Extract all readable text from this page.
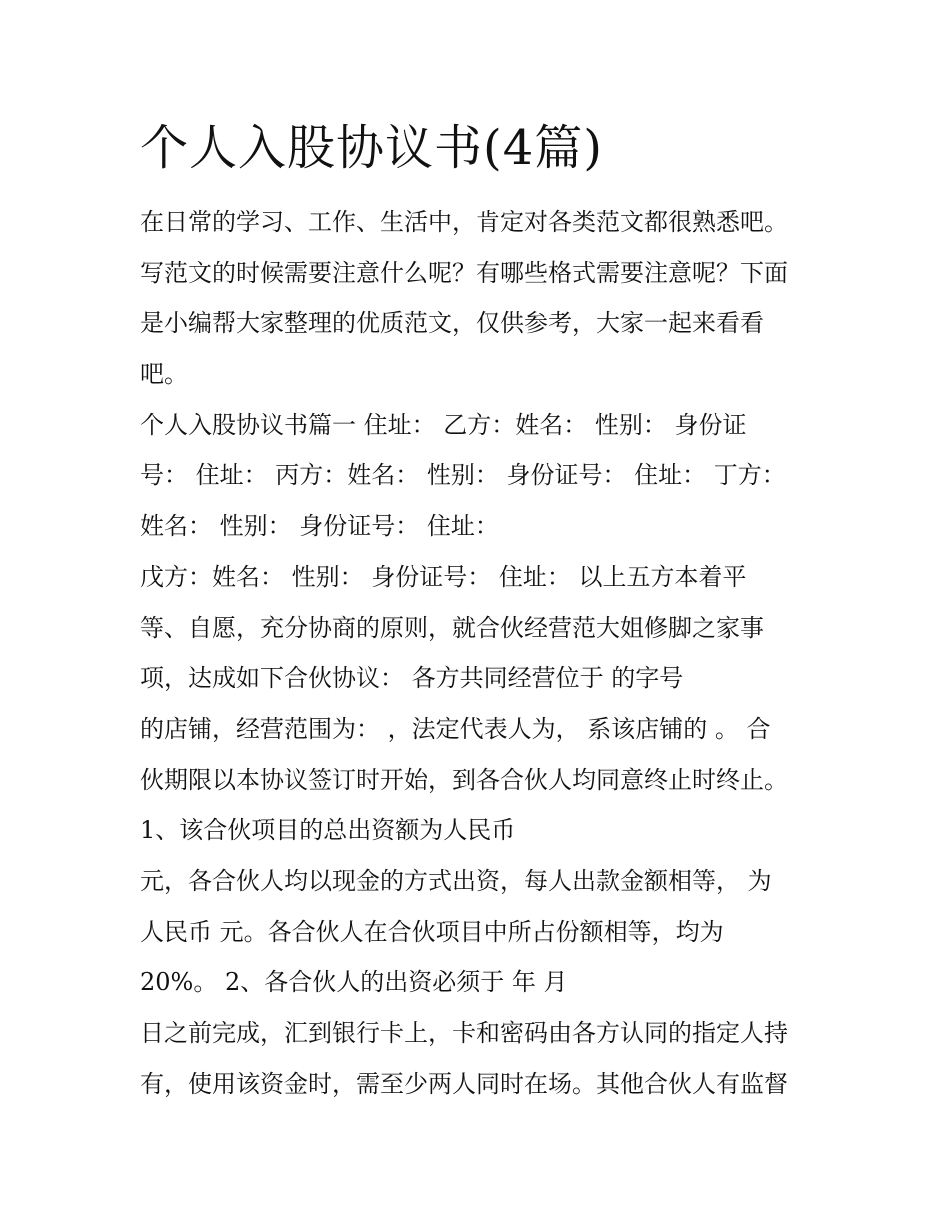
个人入股协议书(4篇)

在日常的学习、工作、生活中，肯定对各类范文都很熟悉吧。

写范文的时候需要注意什么呢？有哪些格式需要注意呢？下面

是小编帮大家整理的优质范文，仅供参考，大家一起来看看

吧。

个人入股协议书篇一 住址： 乙方：姓名： 性别： 身份证

号： 住址： 丙方：姓名： 性别： 身份证号： 住址： 丁方：

姓名： 性别： 身份证号： 住址：

戊方：姓名： 性别： 身份证号： 住址： 以上五方本着平

等、自愿，充分协商的原则，就合伙经营范大姐修脚之家事

项，达成如下合伙协议： 各方共同经营位于 的字号

的店铺，经营范围为： ，法定代表人为， 系该店铺的 。 合

伙期限以本协议签订时开始，到各合伙人均同意终止时终止。

1、该合伙项目的总出资额为人民币

元，各合伙人均以现金的方式出资，每人出款金额相等， 为

人民币 元。各合伙人在合伙项目中所占份额相等，均为

20%。 2、各合伙人的出资必须于 年 月

日之前完成，汇到银行卡上，卡和密码由各方认同的指定人持

有，使用该资金时，需至少两人同时在场。其他合伙人有监督
